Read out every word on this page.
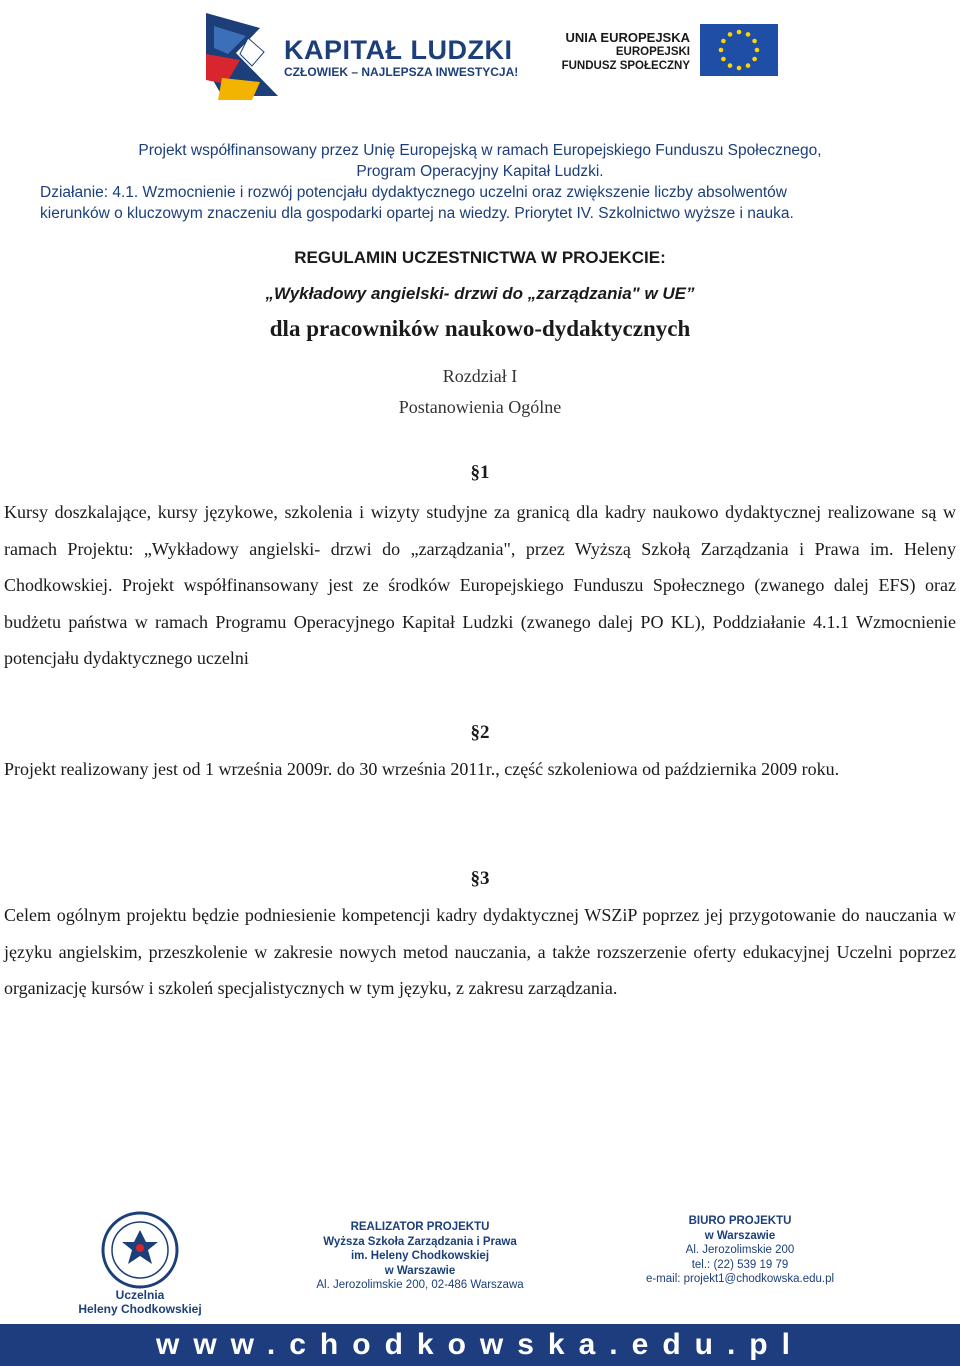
KAPITAŁ LUDZKI
CZŁOWIEK – NAJLEPSZA INWESTYCJA!
UNIA EUROPEJSKA
EUROPEJSKI
FUNDUSZ SPOŁECZNY
Projekt współfinansowany przez Unię Europejską w ramach Europejskiego Funduszu Społecznego,
Program Operacyjny Kapitał Ludzki.
Działanie: 4.1. Wzmocnienie i rozwój potencjału dydaktycznego uczelni oraz zwiększenie liczby absolwentów
kierunków o kluczowym znaczeniu dla gospodarki opartej na wiedzy. Priorytet IV. Szkolnictwo wyższe i nauka.
REGULAMIN UCZESTNICTWA W PROJEKCIE:
„Wykładowy angielski- drzwi do „zarządzania" w UE”
dla pracowników naukowo-dydaktycznych
Rozdział I
Postanowienia Ogólne
§1
Kursy doszkalające, kursy językowe, szkolenia i wizyty studyjne za granicą dla kadry naukowo dydaktycznej realizowane są w ramach Projektu: „Wykładowy angielski- drzwi do „zarządzania", przez Wyższą Szkołą Zarządzania i Prawa im. Heleny Chodkowskiej. Projekt współfinansowany jest ze środków Europejskiego Funduszu Społecznego (zwanego dalej EFS) oraz budżetu państwa w ramach Programu Operacyjnego Kapitał Ludzki (zwanego dalej PO KL), Poddziałanie 4.1.1 Wzmocnienie potencjału dydaktycznego uczelni
§2
Projekt realizowany jest od 1 września 2009r. do 30 września 2011r., część szkoleniowa od października 2009 roku.
§3
Celem ogólnym projektu będzie podniesienie kompetencji kadry dydaktycznej WSZiP poprzez jej przygotowanie do nauczania w języku angielskim, przeszkolenie w zakresie nowych metod nauczania, a także rozszerzenie oferty edukacyjnej Uczelni poprzez organizację kursów i szkoleń specjalistycznych w tym języku, z zakresu zarządzania.
Uczelnia
Heleny Chodkowskiej
REALIZATOR PROJEKTU
Wyższa Szkoła Zarządzania i Prawa
im. Heleny Chodkowskiej
w Warszawie
Al. Jerozolimskie 200, 02-486 Warszawa
BIURO PROJEKTU
w Warszawie
Al. Jerozolimskie 200
tel.: (22) 539 19 79
e-mail: projekt1@chodkowska.edu.pl
www.chodkowska.edu.pl
